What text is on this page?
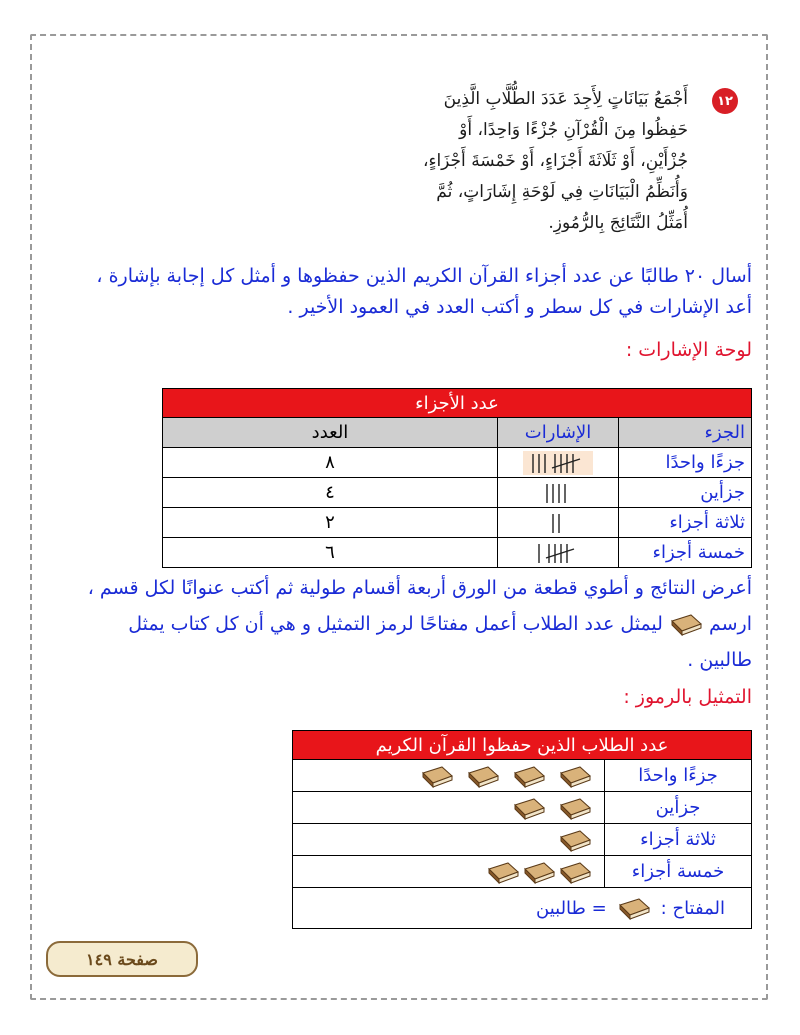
١٢
أَجْمَعُ بَيَانَاتٍ لِأَجِدَ عَدَدَ الطُّلَّابِ الَّذِينَ
حَفِظُوا مِنَ الْقُرْآنِ جُزْءًا وَاحِدًا، أَوْ
جُزْأَيْنِ، أَوْ ثَلَاثَةَ أَجْزَاءٍ، أَوْ خَمْسَةَ أَجْزَاءٍ،
وَأُنَظِّمُ الْبَيَانَاتِ فِي لَوْحَةِ إِشَارَاتٍ، ثُمَّ
أُمَثِّلُ النَّتَائِجَ بِالرُّمُوزِ.
أسال ٢٠ طالبًا عن عدد أجزاء القرآن الكريم الذين حفظوها و أمثل كل إجابة بإشارة ،
أعد الإشارات في كل سطر و أكتب العدد في العمود الأخير .
لوحة الإشارات :
عدد الأجزاء		
الجزء	الإشارات	العدد
جزءًا واحدًا		٨
جزأين		٤
ثلاثة أجزاء		٢
خمسة أجزاء		٦
أعرض النتائج و أطوي قطعة من الورق أربعة أقسام طولية ثم أكتب عنوانًا لكل قسم ،
ارسم
ليمثل عدد الطلاب أعمل مفتاحًا لرمز التمثيل و هي أن كل كتاب يمثل
طالبين .
التمثيل بالرموز :
عدد الطلاب الذين حفظوا القرآن الكريم	
جزءًا واحدًا	

جزأين	

ثلاثة أجزاء	

خمسة أجزاء	

المفتاح :
= طالبين	
صفحة ١٤٩
